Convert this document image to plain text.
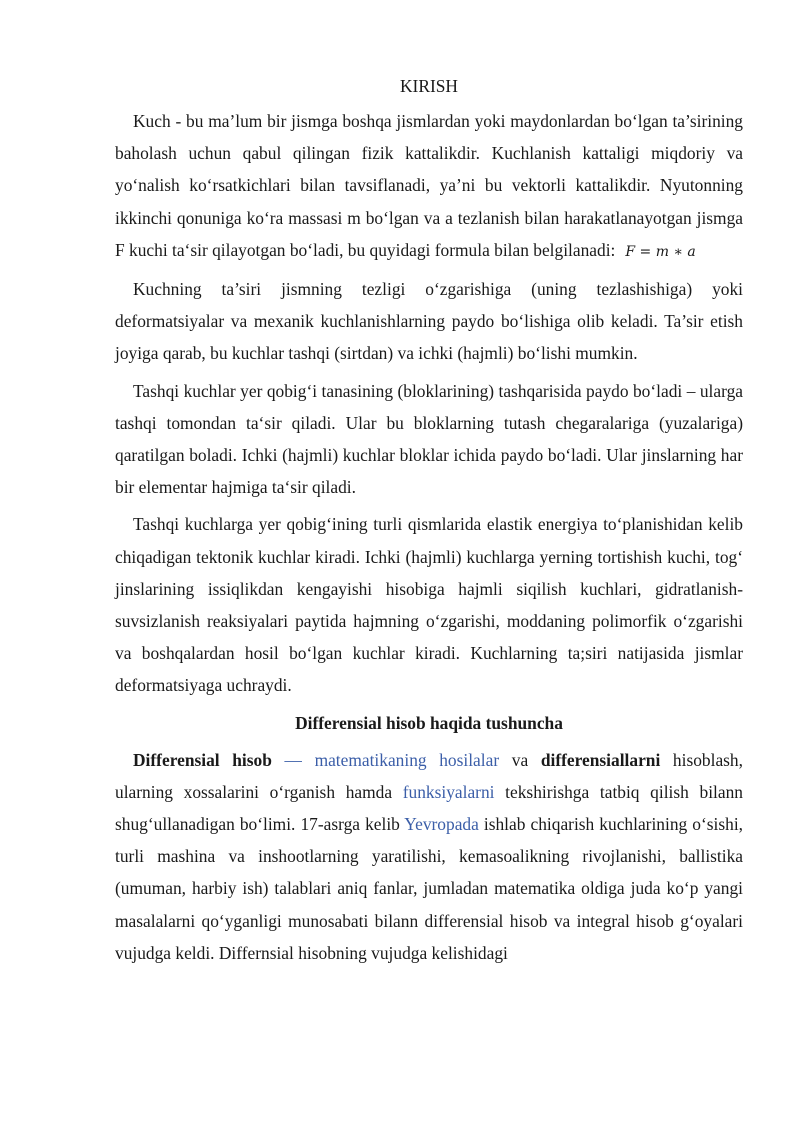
KIRISH

Kuch - bu ma’lum bir jismga boshqa jismlardan yoki maydonlardan bo‘lgan ta’sirining baholash uchun qabul qilingan fizik kattalikdir. Kuchlanish kattaligi miqdoriy va yo‘nalish ko‘rsatkichlari bilan tavsiflanadi, ya’ni bu vektorli kattalikdir. Nyutonning ikkinchi qonuniga ko‘ra massasi m bo‘lgan va a tezlanish bilan harakatlanayotgan jismga F kuchi ta‘sir qilayotgan bo‘ladi, bu quyidagi formula bilan belgilanadi: F = m ∗ a

Kuchning ta’siri jismning tezligi o‘zgarishiga (uning tezlashishiga) yoki deformatsiyalar va mexanik kuchlanishlarning paydo bo‘lishiga olib keladi. Ta’sir etish joyiga qarab, bu kuchlar tashqi (sirtdan) va ichki (hajmli) bo‘lishi mumkin.

Tashqi kuchlar yer qobig‘i tanasining (bloklarining) tashqarisida paydo bo‘ladi – ularga tashqi tomondan ta‘sir qiladi. Ular bu bloklarning tutash chegaralariga (yuzalariga) qaratilgan boladi. Ichki (hajmli) kuchlar bloklar ichida paydo bo‘ladi. Ular jinslarning har bir elementar hajmiga ta‘sir qiladi.

Tashqi kuchlarga yer qobig‘ining turli qismlarida elastik energiya to‘planishidan kelib chiqadigan tektonik kuchlar kiradi. Ichki (hajmli) kuchlarga yerning tortishish kuchi, tog‘ jinslarining issiqlikdan kengayishi hisobiga hajmli siqilish kuchlari, gidratlanish-suvsizlanish reaksiyalari paytida hajmning o‘zgarishi, moddaning polimorfik o‘zgarishi va boshqalardan hosil bo‘lgan kuchlar kiradi. Kuchlarning ta;siri natijasida jismlar deformatsiyaga uchraydi.

Differensial hisob haqida tushuncha

Differensial hisob — matematikaning hosilalar va differensiallarni hisoblash, ularning xossalarini o‘rganish hamda funksiyalarni tekshirishga tatbiq qilish bilann shug‘ullanadigan bo‘limi. 17-asrga kelib Yevropada ishlab chiqarish kuchlarining o‘sishi, turli mashina va inshootlarning yaratilishi, kemasoalikning rivojlanishi, ballistika (umuman, harbiy ish) talablari aniq fanlar, jumladan matematika oldiga juda ko‘p yangi masalalarni qo‘yganligi munosabati bilann differensial hisob va integral hisob g‘oyalari vujudga keldi. Differnsial hisobning vujudga kelishidagi
